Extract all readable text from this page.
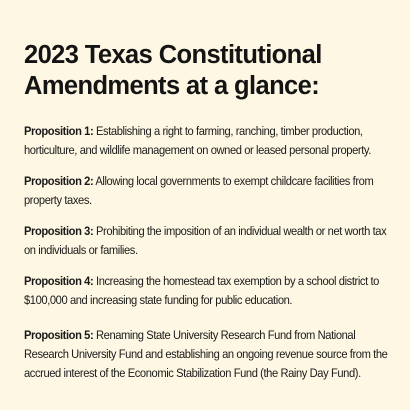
2023 Texas Constitutional
Amendments at a glance:

Proposition 1: Establishing a right to farming, ranching, timber production, horticulture, and wildlife management on owned or leased personal property.

Proposition 2: Allowing local governments to exempt childcare facilities from property taxes.

Proposition 3: Prohibiting the imposition of an individual wealth or net worth tax on individuals or families.

Proposition 4: Increasing the homestead tax exemption by a school district to $100,000 and increasing state funding for public education.

Proposition 5: Renaming State University Research Fund from National Research University Fund and establishing an ongoing revenue source from the accrued interest of the Economic Stabilization Fund (the Rainy Day Fund).
